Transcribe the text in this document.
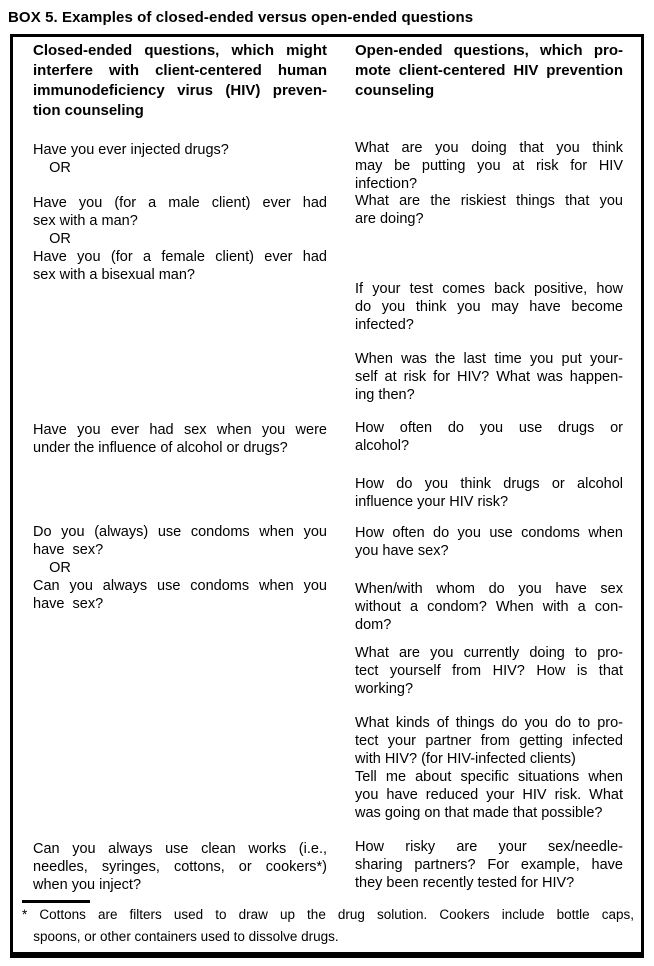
BOX 5. Examples of closed-ended versus open-ended questions
Closed-ended questions, which might
interfere with client-centered human
immunodeficiency virus (HIV) preven-
tion counseling
Open-ended questions, which pro-
mote client-centered HIV prevention
counseling
Have you ever injected drugs?
OR
Have you (for a male client) ever had
sex with a man?
OR
Have you (for a female client) ever had
sex with a bisexual man?
Have you ever had sex when you were
under the influence of alcohol or drugs?
Do you (always) use condoms when you
have  sex?
OR
Can you always use condoms when you
have  sex?
Can you always use clean works (i.e.,
needles, syringes, cottons, or cookers*)
when you inject?
What are you doing that you think
may be putting you at risk for HIV
infection?
What are the riskiest things that you
are doing?
If your test comes back positive, how
do you think you may have become
infected?
When was the last time you put your-
self at risk for HIV? What was happen-
ing then?
How often do you use drugs or
alcohol?
How do you think drugs or alcohol
influence your HIV risk?
How often do you use condoms when
you have sex?
When/with whom do you have sex
without a condom? When with a con-
dom?
What are you currently doing to pro-
tect yourself from HIV? How is that
working?
What kinds of things do you do to pro-
tect your partner from getting infected
with HIV? (for HIV-infected clients)
Tell me about specific situations when
you have reduced your HIV risk. What
was going on that made that possible?
How risky are your sex/needle-
sharing partners? For example, have
they been recently tested for HIV?
* Cottons are filters used to draw up the drug solution. Cookers include bottle caps,
spoons, or other containers used to dissolve drugs.
